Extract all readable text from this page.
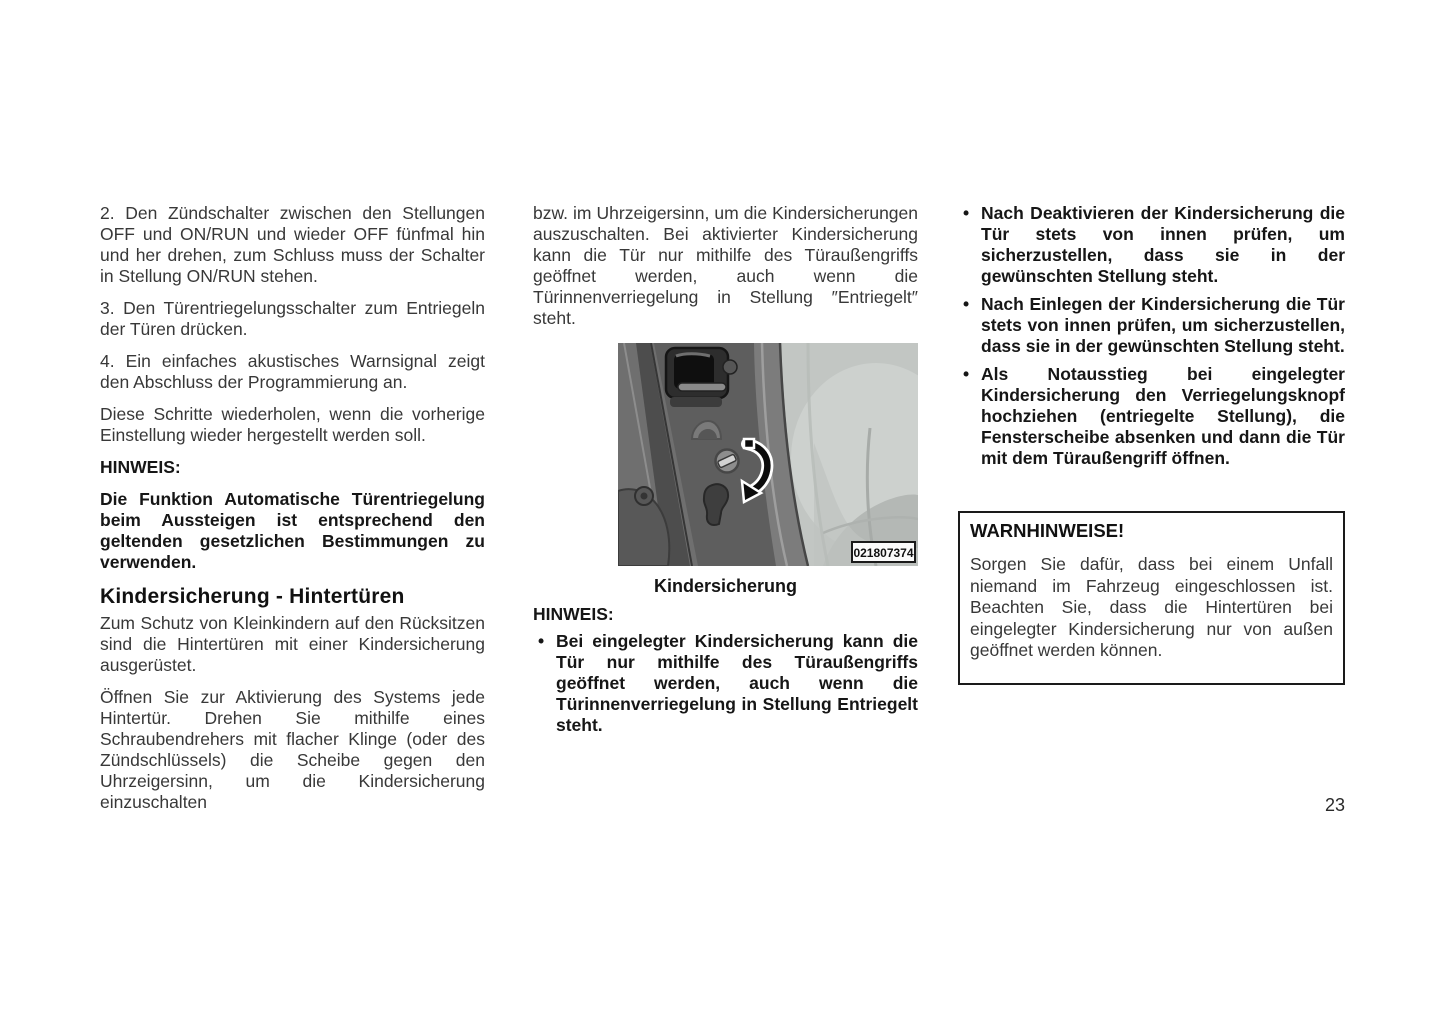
2. Den Zündschalter zwischen den Stellungen OFF und ON/RUN und wieder OFF fünfmal hin und her drehen, zum Schluss muss der Schalter in Stellung ON/RUN stehen.

3. Den Türentriegelungsschalter zum Entriegeln der Türen drücken.

4. Ein einfaches akustisches Warnsignal zeigt den Abschluss der Programmierung an.

Diese Schritte wiederholen, wenn die vorherige Einstellung wieder hergestellt werden soll.

HINWEIS:

Die Funktion Automatische Türentriegelung beim Aussteigen ist entsprechend den geltenden gesetzlichen Bestimmungen zu verwenden.

Kindersicherung - Hintertüren

Zum Schutz von Kleinkindern auf den Rücksitzen sind die Hintertüren mit einer Kindersicherung ausgerüstet.

Öffnen Sie zur Aktivierung des Systems jede Hintertür. Drehen Sie mithilfe eines Schraubendrehers mit flacher Klinge (oder des Zündschlüssels) die Scheibe gegen den Uhrzeigersinn, um die Kindersicherung einzuschalten

bzw. im Uhrzeigersinn, um die Kindersicherungen auszuschalten. Bei aktivierter Kindersicherung kann die Tür nur mithilfe des Türaußengriffs geöffnet werden, auch wenn die Türinnenverriegelung in Stellung ″Entriegelt″ steht.

021807374
Kindersicherung

HINWEIS:

• Bei eingelegter Kindersicherung kann die Tür nur mithilfe des Türaußengriffs geöffnet werden, auch wenn die Türinnenverriegelung in Stellung Entriegelt steht.
• Nach Deaktivieren der Kindersicherung die Tür stets von innen prüfen, um sicherzustellen, dass sie in der gewünschten Stellung steht.
• Nach Einlegen der Kindersicherung die Tür stets von innen prüfen, um sicherzustellen, dass sie in der gewünschten Stellung steht.
• Als Notausstieg bei eingelegter Kindersicherung den Verriegelungsknopf hochziehen (entriegelte Stellung), die Fensterscheibe absenken und dann die Tür mit dem Türaußengriff öffnen.

WARNHINWEISE!

Sorgen Sie dafür, dass bei einem Unfall niemand im Fahrzeug eingeschlossen ist. Beachten Sie, dass die Hintertüren bei eingelegter Kindersicherung nur von außen geöffnet werden können.

23
